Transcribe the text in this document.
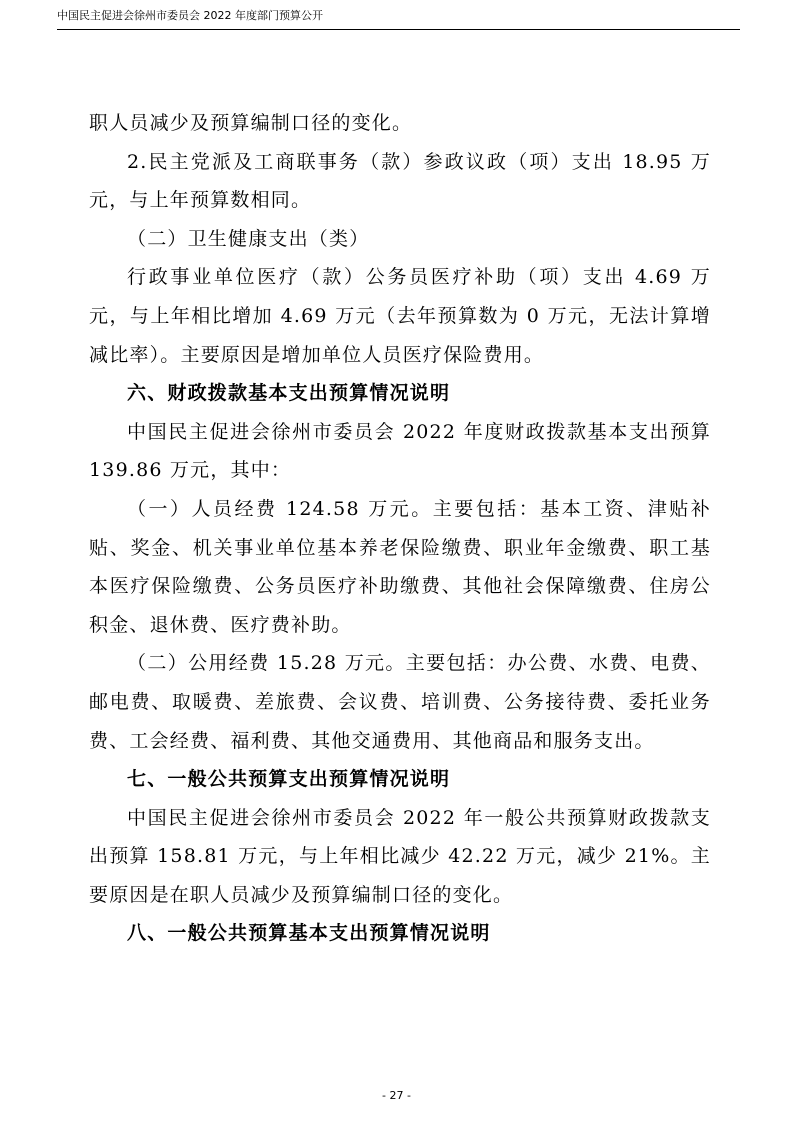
中国民主促进会徐州市委员会 2022 年度部门预算公开

职人员减少及预算编制口径的变化。

2.民主党派及工商联事务（款）参政议政（项）支出 18.95 万元，与上年预算数相同。

（二）卫生健康支出（类）

行政事业单位医疗（款）公务员医疗补助（项）支出 4.69 万元，与上年相比增加 4.69 万元（去年预算数为 0 万元，无法计算增减比率）。主要原因是增加单位人员医疗保险费用。

六、财政拨款基本支出预算情况说明

中国民主促进会徐州市委员会 2022 年度财政拨款基本支出预算 139.86 万元，其中：

（一）人员经费 124.58 万元。主要包括：基本工资、津贴补贴、奖金、机关事业单位基本养老保险缴费、职业年金缴费、职工基本医疗保险缴费、公务员医疗补助缴费、其他社会保障缴费、住房公积金、退休费、医疗费补助。

（二）公用经费 15.28 万元。主要包括：办公费、水费、电费、邮电费、取暖费、差旅费、会议费、培训费、公务接待费、委托业务费、工会经费、福利费、其他交通费用、其他商品和服务支出。

七、一般公共预算支出预算情况说明

中国民主促进会徐州市委员会 2022 年一般公共预算财政拨款支出预算 158.81 万元，与上年相比减少 42.22 万元，减少 21%。主要原因是在职人员减少及预算编制口径的变化。

八、一般公共预算基本支出预算情况说明

- 27 -
